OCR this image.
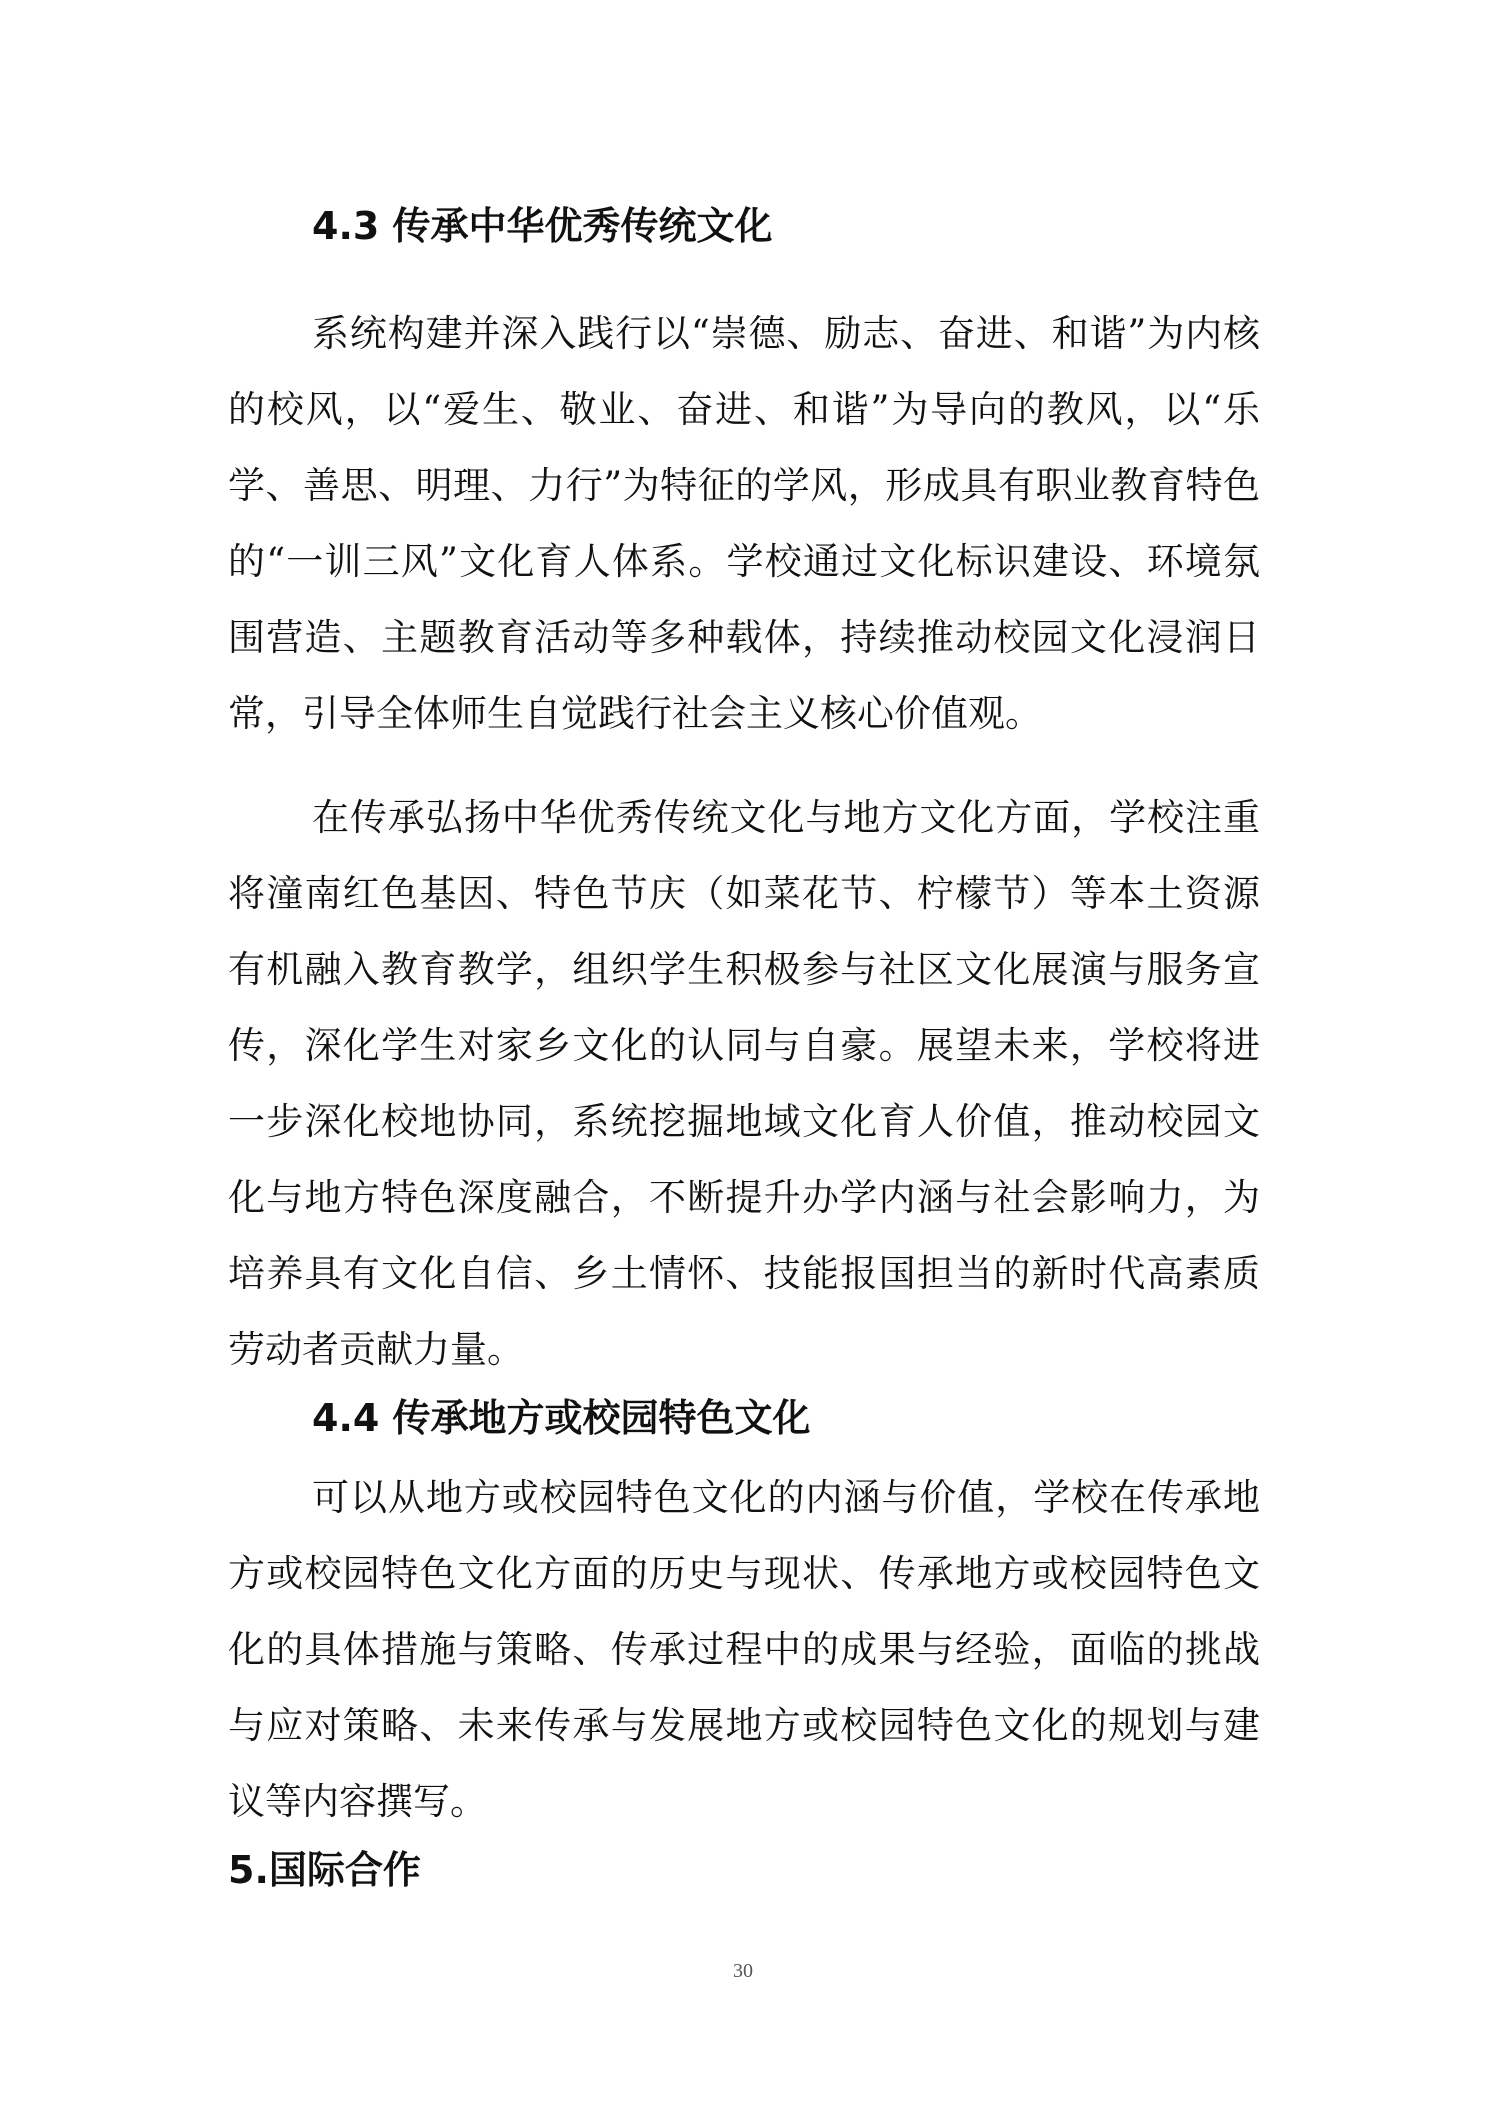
4.3 传承中华优秀传统文化

系统构建并深入践行以“崇德、励志、奋进、和谐”为内核的校风，以“爱生、敬业、奋进、和谐”为导向的教风，以“乐学、善思、明理、力行”为特征的学风，形成具有职业教育特色的“一训三风”文化育人体系。学校通过文化标识建设、环境氛围营造、主题教育活动等多种载体，持续推动校园文化浸润日常，引导全体师生自觉践行社会主义核心价值观。

在传承弘扬中华优秀传统文化与地方文化方面，学校注重将潼南红色基因、特色节庆（如菜花节、柠檬节）等本土资源有机融入教育教学，组织学生积极参与社区文化展演与服务宣传，深化学生对家乡文化的认同与自豪。展望未来，学校将进一步深化校地协同，系统挖掘地域文化育人价值，推动校园文化与地方特色深度融合，不断提升办学内涵与社会影响力，为培养具有文化自信、乡土情怀、技能报国担当的新时代高素质劳动者贡献力量。

4.4 传承地方或校园特色文化

可以从地方或校园特色文化的内涵与价值，学校在传承地方或校园特色文化方面的历史与现状、传承地方或校园特色文化的具体措施与策略、传承过程中的成果与经验，面临的挑战与应对策略、未来传承与发展地方或校园特色文化的规划与建议等内容撰写。

5.国际合作
30
